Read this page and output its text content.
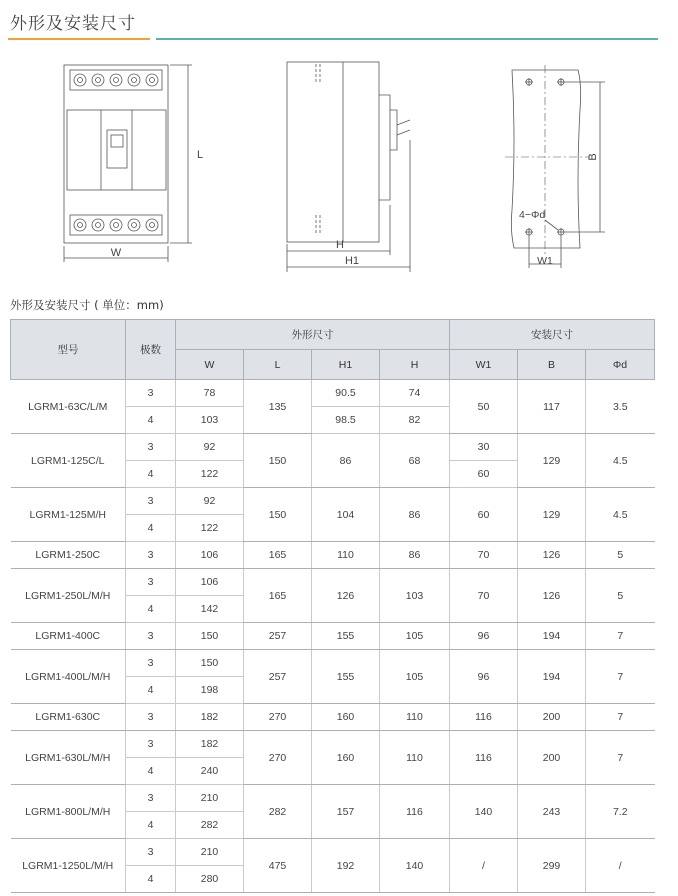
外形及安装尺寸
W
L
H
H1
4−Φd
W1
B
外形及安装尺寸 ( 单位：mm)
型号	极数	外形尺寸				安装尺寸		
		W	L	H1	H	W1	B	Φd
LGRM1-63C/L/M	3	78	135	90.5	74	50	117	3.5
	4	103		98.5	82			
LGRM1-125C/L	3	92	150	86	68	30	129	4.5
	4	122				60		
LGRM1-125M/H	3	92	150	104	86	60	129	4.5
	4	122						
LGRM1-250C	3	106	165	110	86	70	126	5
LGRM1-250L/M/H	3	106	165	126	103	70	126	5
	4	142						
LGRM1-400C	3	150	257	155	105	96	194	7
LGRM1-400L/M/H	3	150	257	155	105	96	194	7
	4	198						
LGRM1-630C	3	182	270	160	110	116	200	7
LGRM1-630L/M/H	3	182	270	160	110	116	200	7
	4	240						
LGRM1-800L/M/H	3	210	282	157	116	140	243	7.2
	4	282						
LGRM1-1250L/M/H	3	210	475	192	140	/	299	/
	4	280						
